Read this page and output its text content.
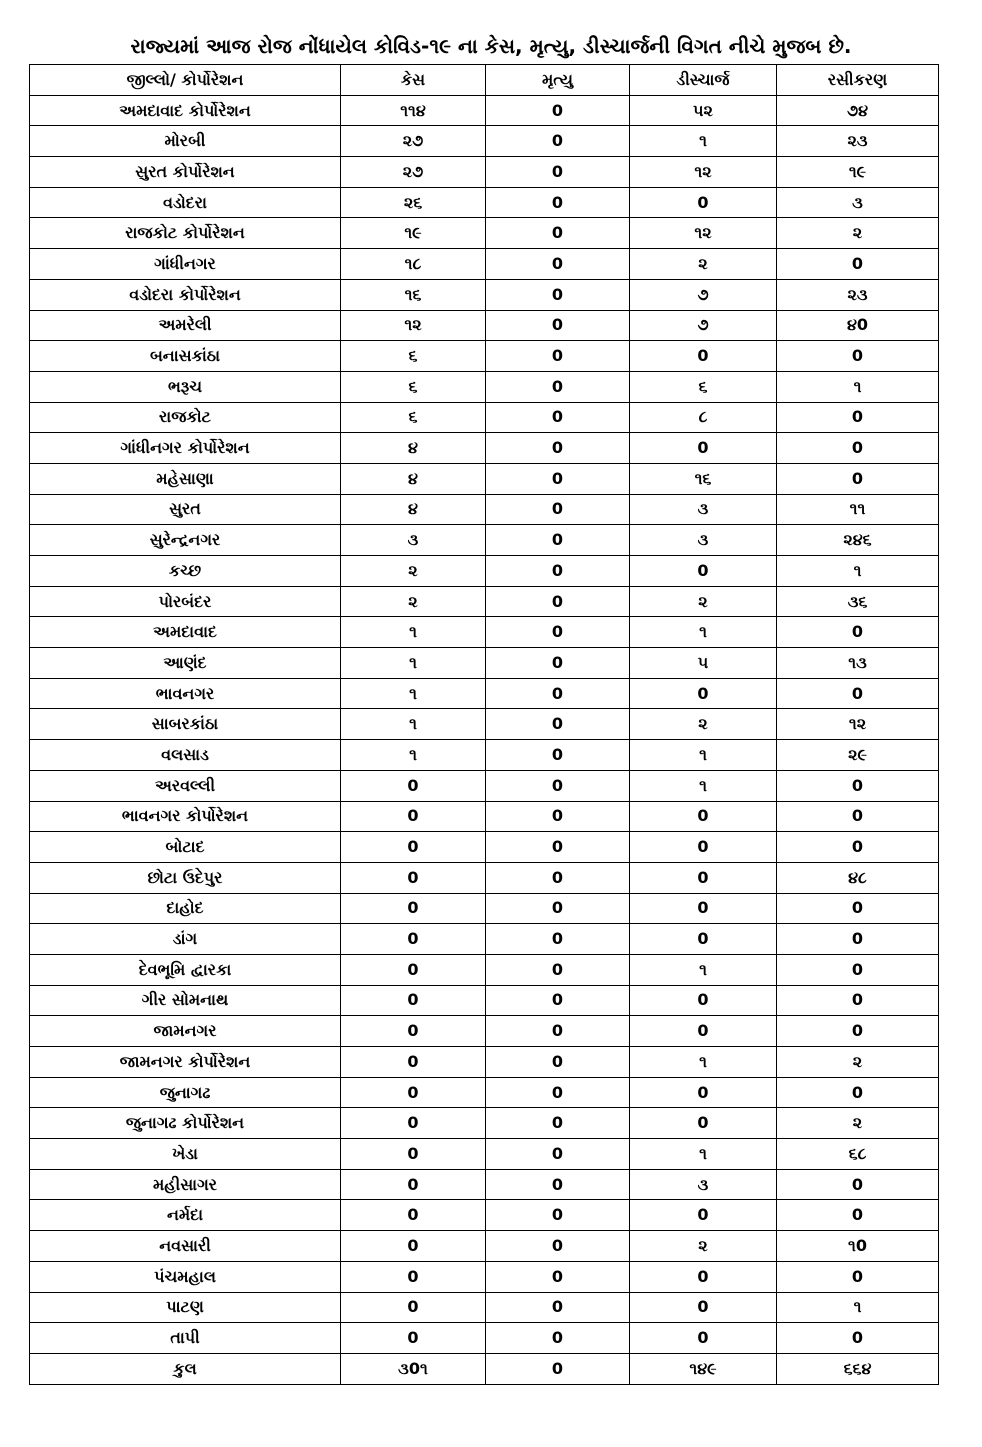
રાજ્યમાં આજ રોજ નોંધાયેલ કોવિડ-૧૯ ના કેસ, મૃત્યુ, ડીસ્ચાર્જની વિગત નીચે મુજબ છે.
જીલ્લો/ કોર્પોરેશન	કેસ	મૃત્યુ	ડીસ્ચાર્જ	રસીકરણ
અમદાવાદ કોર્પોરેશન	૧૧૪	0	૫૨	૭૪
મોરબી	૨૭	0	૧	૨૩
સુરત કોર્પોરેશન	૨૭	0	૧૨	૧૯
વડોદરા	૨૬	0	0	૩
રાજકોટ કોર્પોરેશન	૧૯	0	૧૨	૨
ગાંધીનગર	૧૮	0	૨	0
વડોદરા કોર્પોરેશન	૧૬	0	૭	૨૩
અમરેલી	૧૨	0	૭	૪0
બનાસકાંઠા	૬	0	0	0
ભરૂચ	૬	0	૬	૧
રાજકોટ	૬	0	૮	0
ગાંધીનગર કોર્પોરેશન	૪	0	0	0
મહેસાણા	૪	0	૧૬	0
સુરત	૪	0	૩	૧૧
સુરેન્દ્રનગર	૩	0	૩	૨૪૬
કચ્છ	૨	0	0	૧
પોરબંદર	૨	0	૨	૩૬
અમદાવાદ	૧	0	૧	0
આણંદ	૧	0	૫	૧૩
ભાવનગર	૧	0	0	0
સાબરકાંઠા	૧	0	૨	૧૨
વલસાડ	૧	0	૧	૨૯
અરવલ્લી	0	0	૧	0
ભાવનગર કોર્પોરેશન	0	0	0	0
બોટાદ	0	0	0	0
છોટા ઉદેપુર	0	0	0	૪૮
દાહોદ	0	0	0	0
ડાંગ	0	0	0	0
દેવભૂમિ દ્વારકા	0	0	૧	0
ગીર સોમનાથ	0	0	0	0
જામનગર	0	0	0	0
જામનગર કોર્પોરેશન	0	0	૧	૨
જુનાગઢ	0	0	0	0
જુનાગઢ કોર્પોરેશન	0	0	0	૨
ખેડા	0	0	૧	૬૮
મહીસાગર	0	0	૩	0
નર્મદા	0	0	0	0
નવસારી	0	0	૨	૧0
પંચમહાલ	0	0	0	0
પાટણ	0	0	0	૧
તાપી	0	0	0	0
કુલ	૩0૧	0	૧૪૯	૬૬૪
